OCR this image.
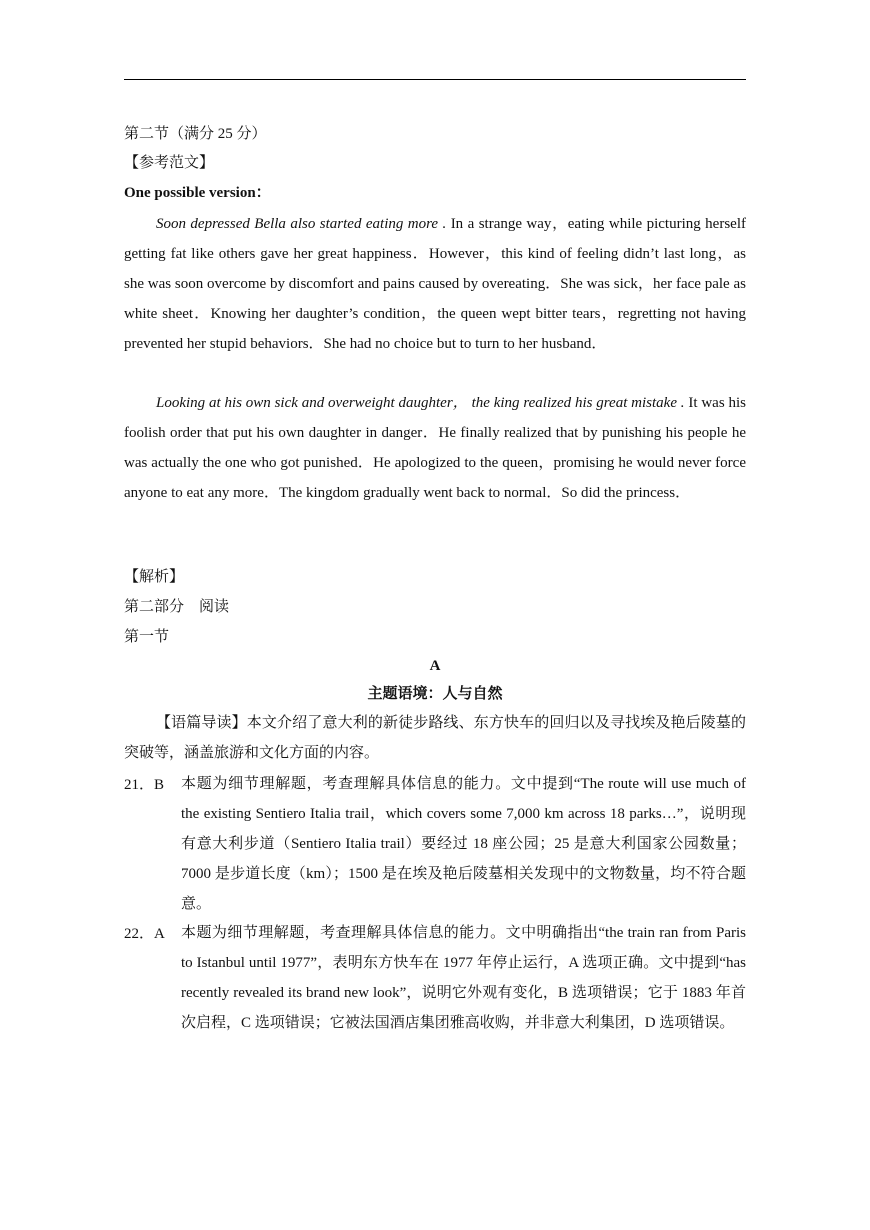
第二节（满分 25 分）
【参考范文】
One possible version：
Soon depressed Bella also started eating more . In a strange way，eating while picturing herself getting fat like others gave her great happiness．However，this kind of feeling didn’t last long，as she was soon overcome by discomfort and pains caused by overeating．She was sick，her face pale as white sheet．Knowing her daughter’s condition，the queen wept bitter tears，regretting not having prevented her stupid behaviors．She had no choice but to turn to her husband．
Looking at his own sick and overweight daughter， the king realized his great mistake . It was his foolish order that put his own daughter in danger．He finally realized that by punishing his people he was actually the one who got punished．He apologized to the queen，promising he would never force anyone to eat any more．The kingdom gradually went back to normal．So did the princess．
【解析】
第二部分　阅读
第一节
A
主题语境：人与自然
【语篇导读】本文介绍了意大利的新徒步路线、东方快车的回归以及寻找埃及艳后陵墓的突破等，涵盖旅游和文化方面的内容。
21．B 本题为细节理解题，考查理解具体信息的能力。文中提到“The route will use much of the existing Sentiero Italia trail，which covers some 7,000 km across 18 parks…”，说明现有意大利步道（Sentiero Italia trail）要经过 18 座公园；25 是意大利国家公园数量；7000 是步道长度（km）；1500 是在埃及艳后陵墓相关发现中的文物数量，均不符合题意。
22．A 本题为细节理解题，考查理解具体信息的能力。文中明确指出“the train ran from Paris to Istanbul until 1977”，表明东方快车在 1977 年停止运行，A 选项正确。文中提到“has recently revealed its brand new look”，说明它外观有变化，B 选项错误；它于 1883 年首次启程，C 选项错误；它被法国酒店集团雅高收购，并非意大利集团，D 选项错误。
